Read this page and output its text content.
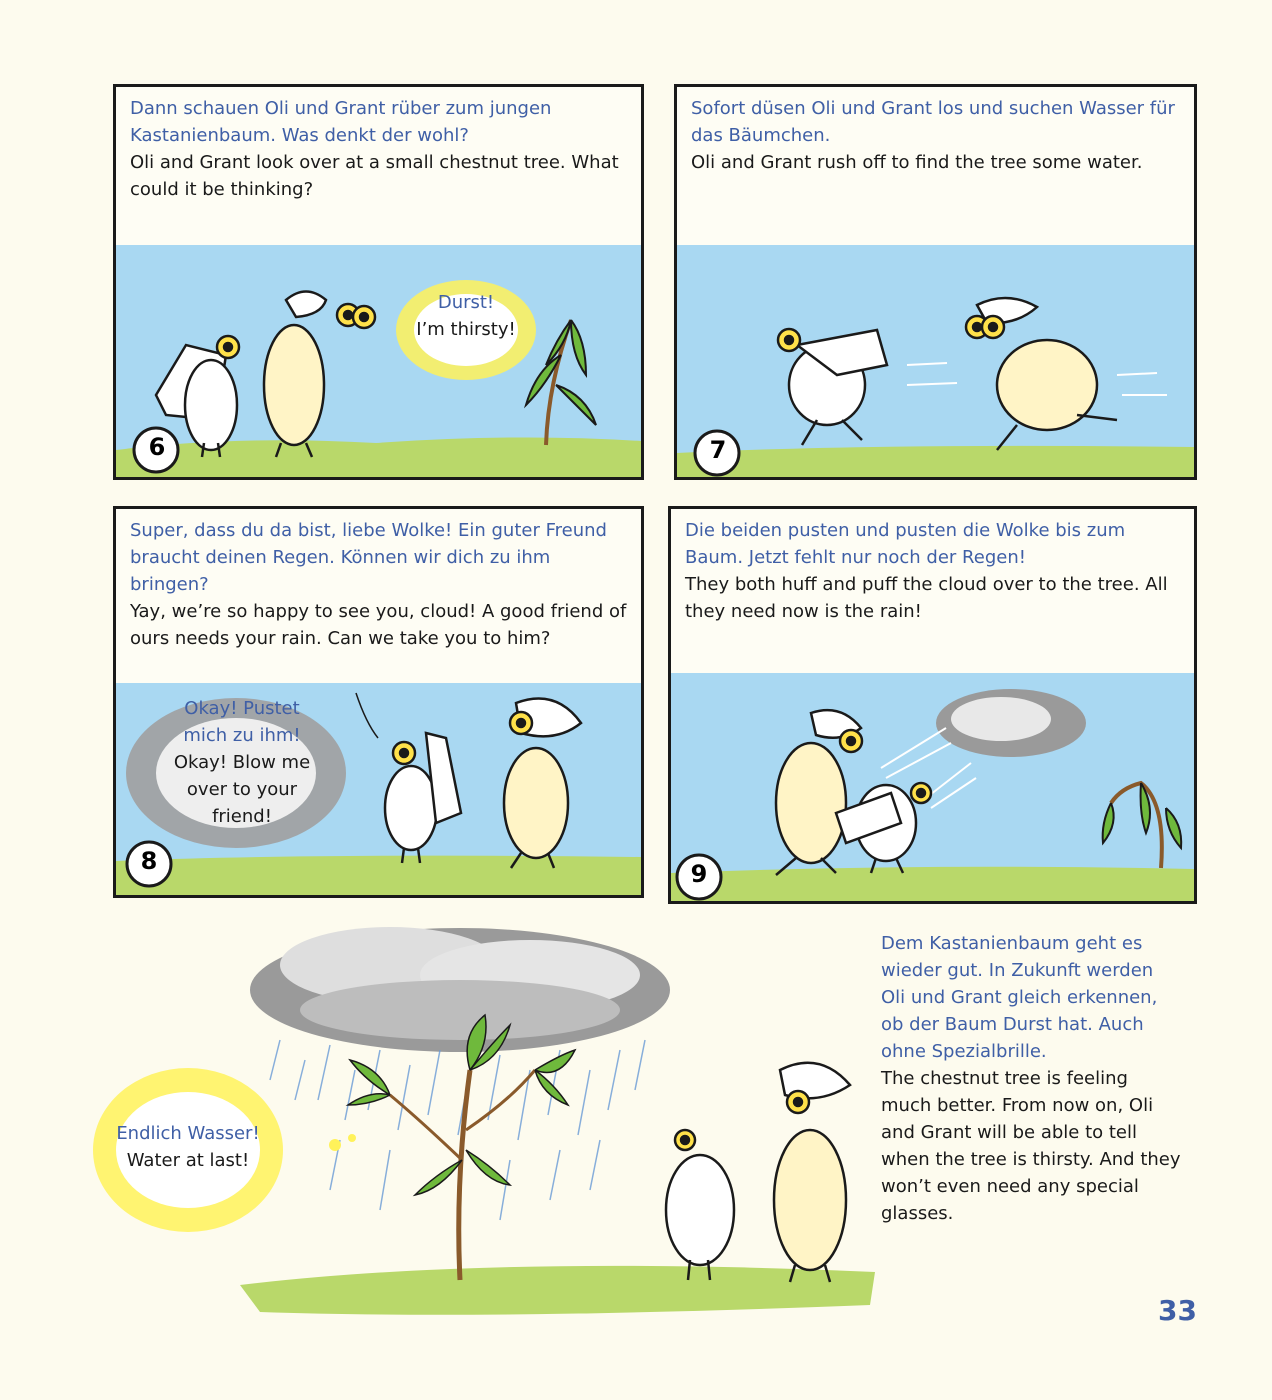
Dann schauen Oli und Grant rüber zum jungen Kastanienbaum. Was denkt der wohl?
Oli and Grant look over at a small chestnut tree. What could it be thinking?
6
Durst!
I’m thirsty!
Sofort düsen Oli und Grant los und suchen Wasser für das Bäumchen.
Oli and Grant rush off to find the tree some water.
7
Super, dass du da bist, liebe Wolke! Ein guter Freund braucht deinen Regen. Können wir dich zu ihm bringen?
Yay, we’re so happy to see you, cloud! A good friend of ours needs your rain. Can we take you to him?
8
Okay! Pustet mich zu ihm!
Okay! Blow me over to your friend!
Die beiden pusten und pusten die Wolke bis zum Baum. Jetzt fehlt nur noch der Regen!
They both huff and puff the cloud over to the tree. All they need now is the rain!
9
Endlich Wasser!
Water at last!
Dem Kastanienbaum geht es wieder gut. In Zukunft werden Oli und Grant gleich erkennen, ob der Baum Durst hat. Auch ohne Spezialbrille.
The chestnut tree is feeling much better. From now on, Oli and Grant will be able to tell when the tree is thirsty. And they won’t even need any special glasses.
33
